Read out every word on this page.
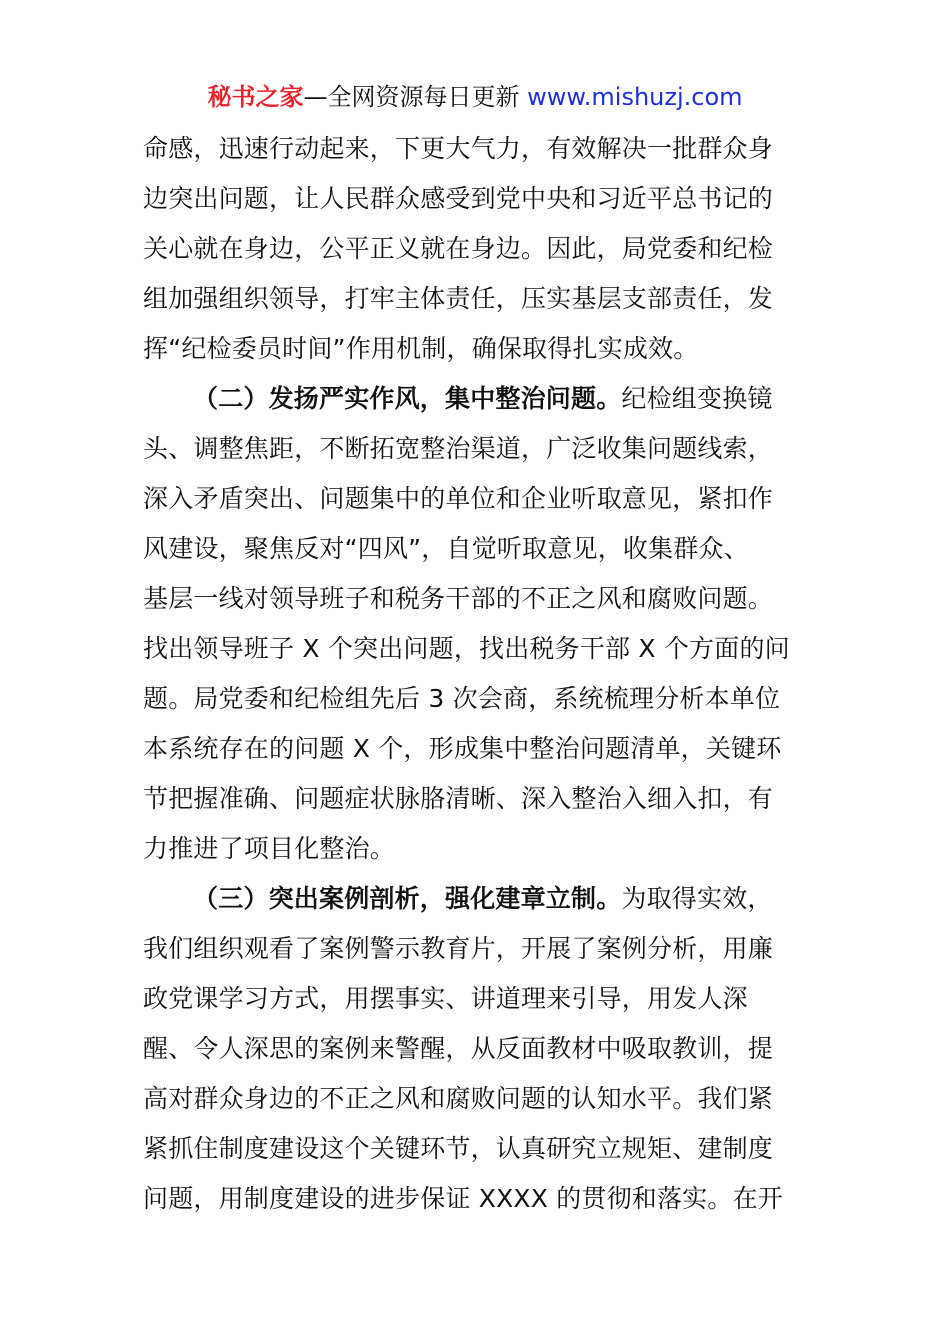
秘书之家—全网资源每日更新 www.mishuzj.com
命感，迅速行动起来，下更大气力，有效解决一批群众身
边突出问题，让人民群众感受到党中央和习近平总书记的
关心就在身边，公平正义就在身边。因此，局党委和纪检
组加强组织领导，打牢主体责任，压实基层支部责任，发
挥“纪检委员时间”作用机制，确保取得扎实成效。
（二）发扬严实作风，集中整治问题。纪检组变换镜
头、调整焦距，不断拓宽整治渠道，广泛收集问题线索，
深入矛盾突出、问题集中的单位和企业听取意见，紧扣作
风建设，聚焦反对“四风”，自觉听取意见，收集群众、
基层一线对领导班子和税务干部的不正之风和腐败问题。
找出领导班子 X 个突出问题，找出税务干部 X 个方面的问
题。局党委和纪检组先后 3 次会商，系统梳理分析本单位
本系统存在的问题 X 个，形成集中整治问题清单，关键环
节把握准确、问题症状脉胳清晰、深入整治入细入扣，有
力推进了项目化整治。
（三）突出案例剖析，强化建章立制。为取得实效，
我们组织观看了案例警示教育片，开展了案例分析，用廉
政党课学习方式，用摆事实、讲道理来引导，用发人深
醒、令人深思的案例来警醒，从反面教材中吸取教训，提
高对群众身边的不正之风和腐败问题的认知水平。我们紧
紧抓住制度建设这个关键环节，认真研究立规矩、建制度
问题，用制度建设的进步保证 XXXX 的贯彻和落实。在开
